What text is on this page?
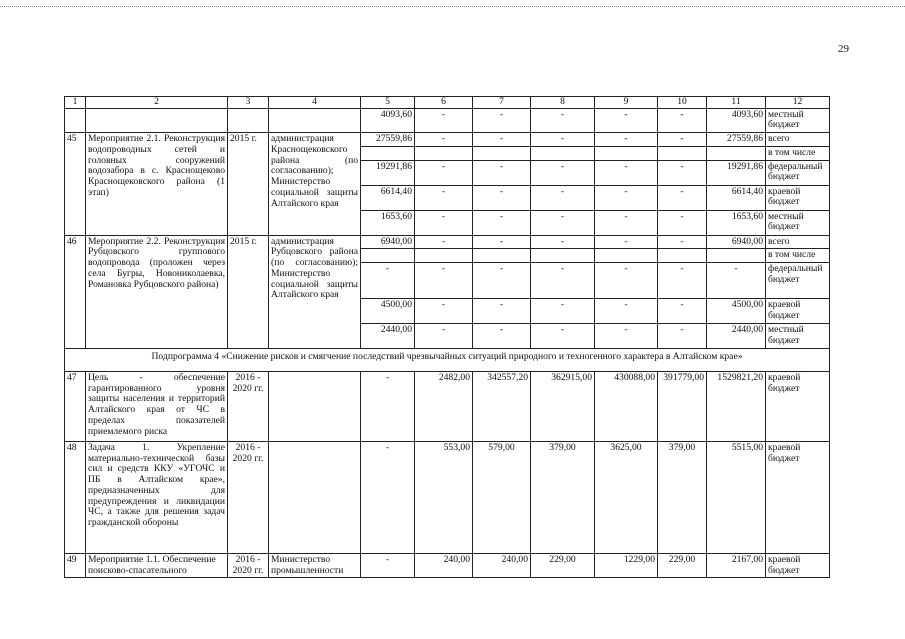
29
1	2	3	4	5	6	7	8	9	10	11	12
				4093,60	-	-	-	-	-	4093,60	местный бюджет
45	Мероприятие 2.1. Реконструкция водопроводных сетей и головных сооружений водозабора в с. Краснощеково Краснощековского района (1 этап)	2015 г.	администрация Краснощековского района (по согласованию); Министерство социальной защиты Алтайского края	27559,86	-	-	-	-	-	27559,86	всего
											в том числе
				19291,86	-	-	-	-	-	19291,86	федеральный бюджет
				6614,40	-	-	-	-	-	6614,40	краевой бюджет
				1653,60	-	-	-	-	-	1653,60	местный бюджет
46	Мероприятие 2.2. Реконструкция Рубцовского группового водопровода (проложен через села Бугры, Новониколаевка, Романовка Рубцовского района)	2015 г.	администрация Рубцовского района (по согласованию); Министерство социальной защиты Алтайского края	6940,00	-	-	-	-	-	6940,00	всего
											в том числе
				-	-	-	-	-	-	-	федеральный бюджет
				4500,00	-	-	-	-	-	4500,00	краевой бюджет
				2440,00	-	-	-	-	-	2440,00	местный бюджет
Подпрограмма 4 «Снижение рисков и смягчение последствий чрезвычайных ситуаций природного и техногенного характера в Алтайском крае»											
47	Цель - обеспечение гарантированного уровня защиты населения и территорий Алтайского края от ЧС в пределах показателей приемлемого риска	2016 - 2020 гг.		-	2482,00	342557,20	362915,00	430088,00	391779,00	1529821,20	краевой бюджет
48	Задача 1. Укрепление материально-технической базы сил и средств ККУ «УГОЧС и ПБ в Алтайском крае», предназначенных для предупреждения и ликвидации ЧС, а также для решения задач гражданской обороны	2016 - 2020 гг.		-	553,00	579,00	379,00	3625,00	379,00	5515,00	краевой бюджет
49	Мероприятие 1.1. Обеспечение поисково-спасательного	2016 - 2020 гг.	Министерство промышленности	-	240,00	240,00	229,00	1229,00	229,00	2167,00	краевой бюджет
